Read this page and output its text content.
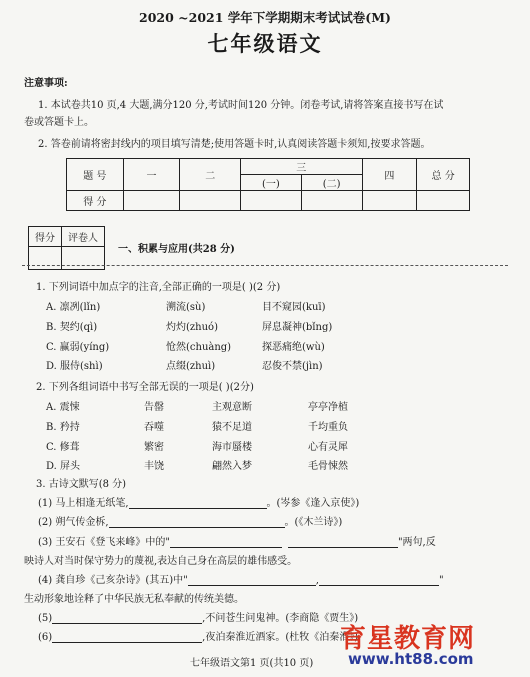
2020 ~2021 学年下学期期末考试试卷(M)
七年级语文
注意事项:
1. 本试卷共10 页,4 大题,满分120 分,考试时间120 分钟。闭卷考试,请将答案直接书写在试
卷或答题卡上。
2. 答卷前请将密封线内的项目填写清楚;使用答题卡时,认真阅读答题卡须知,按要求答题。
题 号	一	二	三		四	总 分
			(一)	(二)		
得 分						
得分	评卷人

一、积累与应用(共28 分)
1. 下列词语中加点字的注音,全部正确的一项是( )(2 分)
A. 凛冽(lǐn)	溯流(sù)	目不窥园(kuī)
B. 契约(qì)	灼灼(zhuó)	屏息凝神(bǐng)
C. 赢弱(yíng)	怆然(chuàng)	探恶痛绝(wù)
D. 服侍(shì)	点缀(zhuì)	忍俊不禁(jìn)
2. 下列各组词语中书写全部无误的一项是( )(2分)
A. 震悚	告罄	主观意断	亭亭净植
B. 矜持	吞噬	猿不足道	千均重负
C. 修葺	繁密	海市蜃楼	心有灵犀
D. 屏头	丰饶	翩然入梦	毛骨悚然
3. 古诗文默写(8 分)
(1) 马上相逢无纸笔,	。(岑参《逢入京使》)
(2) 朔气传金柝,	。(《木兰诗》)
(3) 王安石《登飞来峰》中的"	"两句,反
映诗人对当时保守势力的蔑视,表达自己身在高层的雄伟感受。
(4) 龚自珍《己亥杂诗》(其五)中"	,	"
生动形象地诠释了中华民族无私奉献的传统美德。
(5)	,不问苍生问鬼神。(李商隐《贾生》)
(6)	,夜泊秦淮近酒家。(杜牧《泊秦淮》)
七年级语文第1 页(共10 页)
育星教育网
www.ht88.com
